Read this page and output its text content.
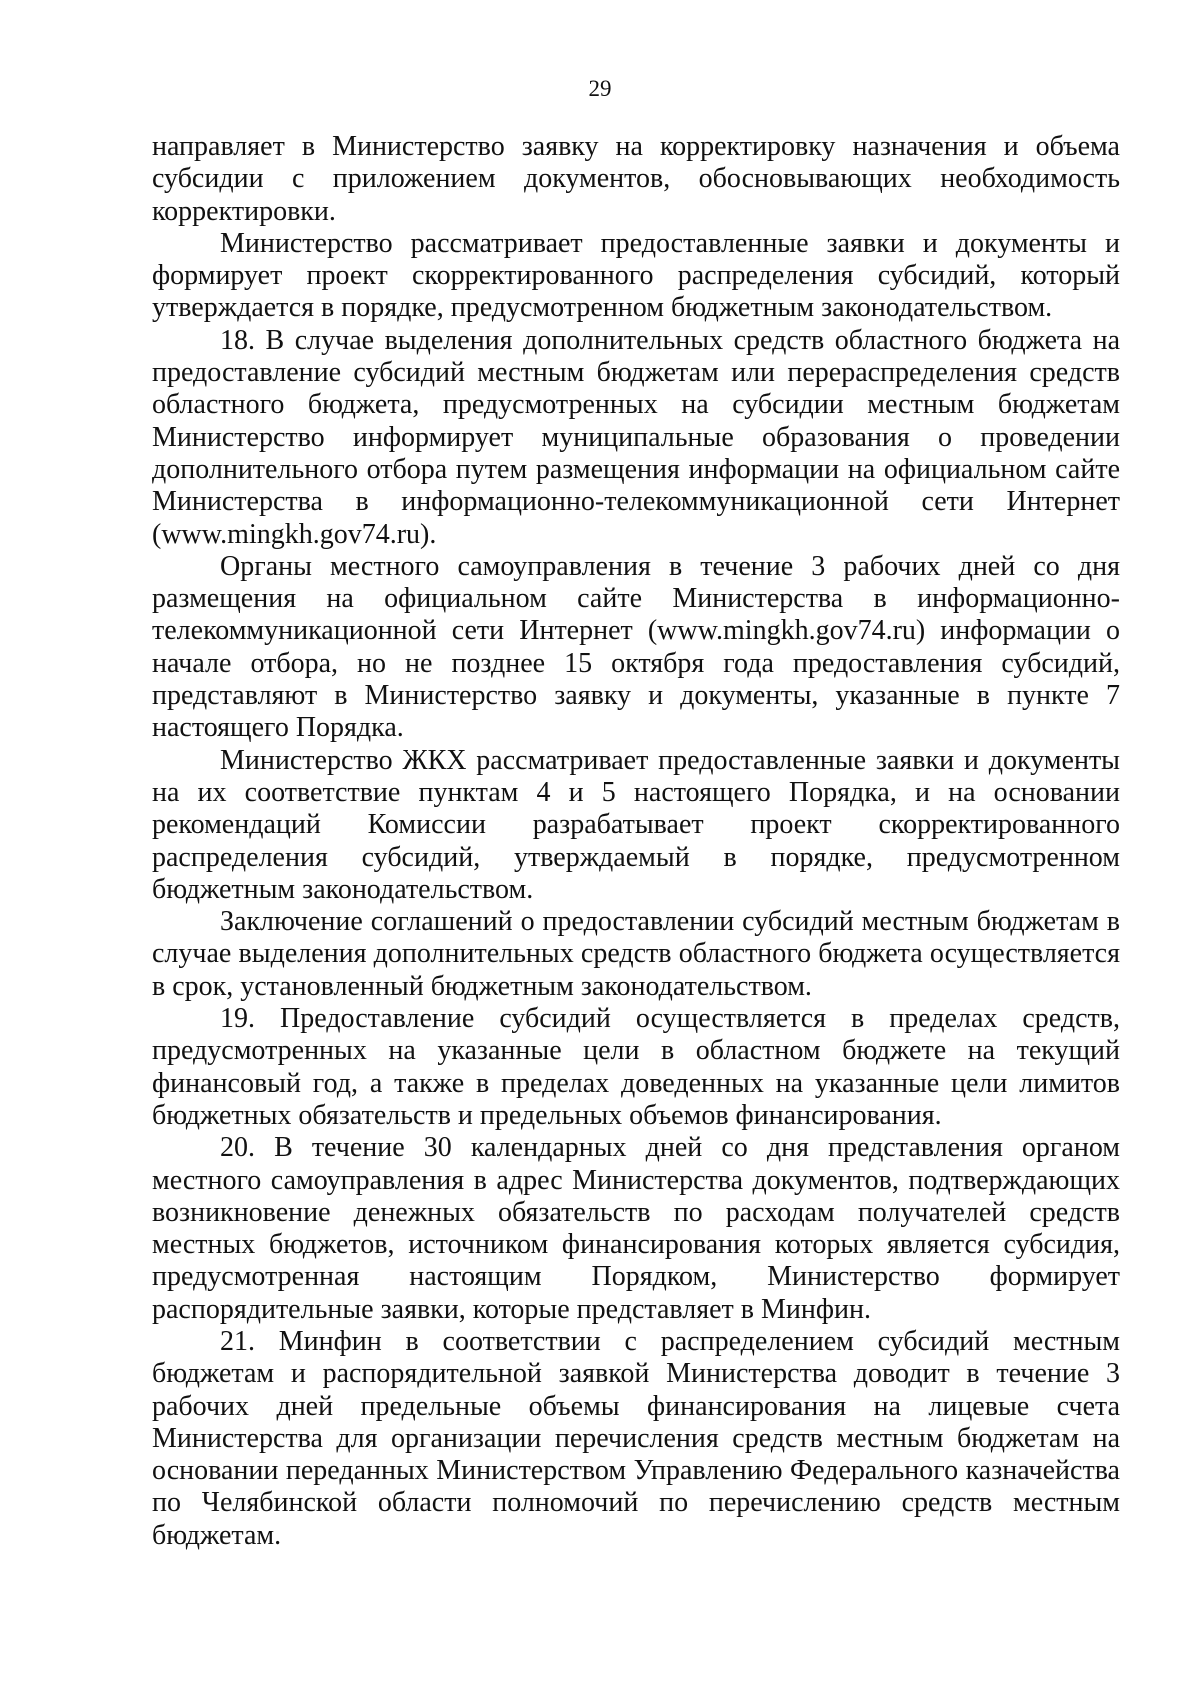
29

направляет в Министерство заявку на корректировку назначения и объема субсидии с приложением документов, обосновывающих необходимость корректировки.

Министерство рассматривает предоставленные заявки и документы и формирует проект скорректированного распределения субсидий, который утверждается в порядке, предусмотренном бюджетным законодательством.

18. В случае выделения дополнительных средств областного бюджета на предоставление субсидий местным бюджетам или перераспределения средств областного бюджета, предусмотренных на субсидии местным бюджетам Министерство информирует муниципальные образования о проведении дополнительного отбора путем размещения информации на официальном сайте Министерства в информационно-телекоммуникационной сети Интернет (www.mingkh.gov74.ru).

Органы местного самоуправления в течение 3 рабочих дней со дня размещения на официальном сайте Министерства в информационно-телекоммуникационной сети Интернет (www.mingkh.gov74.ru) информации о начале отбора, но не позднее 15 октября года предоставления субсидий, представляют в Министерство заявку и документы, указанные в пункте 7 настоящего Порядка.

Министерство ЖКХ рассматривает предоставленные заявки и документы на их соответствие пунктам 4 и 5 настоящего Порядка, и на основании рекомендаций Комиссии разрабатывает проект скорректированного распределения субсидий, утверждаемый в порядке, предусмотренном бюджетным законодательством.

Заключение соглашений о предоставлении субсидий местным бюджетам в случае выделения дополнительных средств областного бюджета осуществляется в срок, установленный бюджетным законодательством.

19. Предоставление субсидий осуществляется в пределах средств, предусмотренных на указанные цели в областном бюджете на текущий финансовый год, а также в пределах доведенных на указанные цели лимитов бюджетных обязательств и предельных объемов финансирования.

20. В течение 30 календарных дней со дня представления органом местного самоуправления в адрес Министерства документов, подтверждающих возникновение денежных обязательств по расходам получателей средств местных бюджетов, источником финансирования которых является субсидия, предусмотренная настоящим Порядком, Министерство формирует распорядительные заявки, которые представляет в Минфин.

21. Минфин в соответствии с распределением субсидий местным бюджетам и распорядительной заявкой Министерства доводит в течение 3 рабочих дней предельные объемы финансирования на лицевые счета Министерства для организации перечисления средств местным бюджетам на основании переданных Министерством Управлению Федерального казначейства по Челябинской области полномочий по перечислению средств местным бюджетам.
